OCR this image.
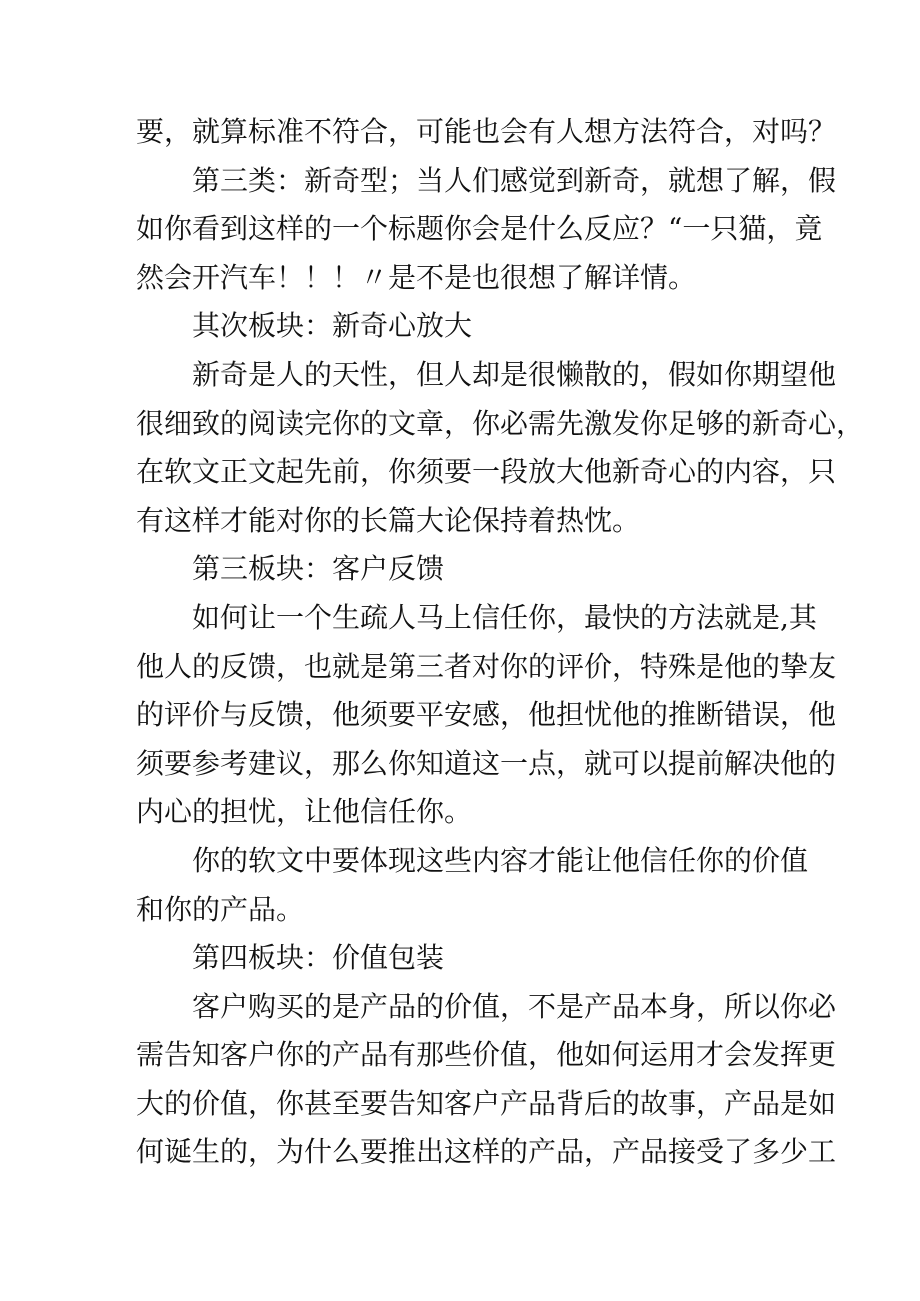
要，就算标准不符合，可能也会有人想方法符合，对吗？
第三类：新奇型；当人们感觉到新奇，就想了解，假
如你看到这样的一个标题你会是什么反应？“一只猫，竟
然会开汽车！！！〃是不是也很想了解详情。
其次板块：新奇心放大
新奇是人的天性，但人却是很懒散的，假如你期望他
很细致的阅读完你的文章，你必需先激发你足够的新奇心，
在软文正文起先前，你须要一段放大他新奇心的内容，只
有这样才能对你的长篇大论保持着热忱。
第三板块：客户反馈
如何让一个生疏人马上信任你，最快的方法就是,其
他人的反馈，也就是第三者对你的评价，特殊是他的挚友
的评价与反馈，他须要平安感，他担忧他的推断错误，他
须要参考建议，那么你知道这一点，就可以提前解决他的
内心的担忧，让他信任你。
你的软文中要体现这些内容才能让他信任你的价值
和你的产品。
第四板块：价值包装
客户购买的是产品的价值，不是产品本身，所以你必
需告知客户你的产品有那些价值，他如何运用才会发挥更
大的价值，你甚至要告知客户产品背后的故事，产品是如
何诞生的，为什么要推出这样的产品，产品接受了多少工
